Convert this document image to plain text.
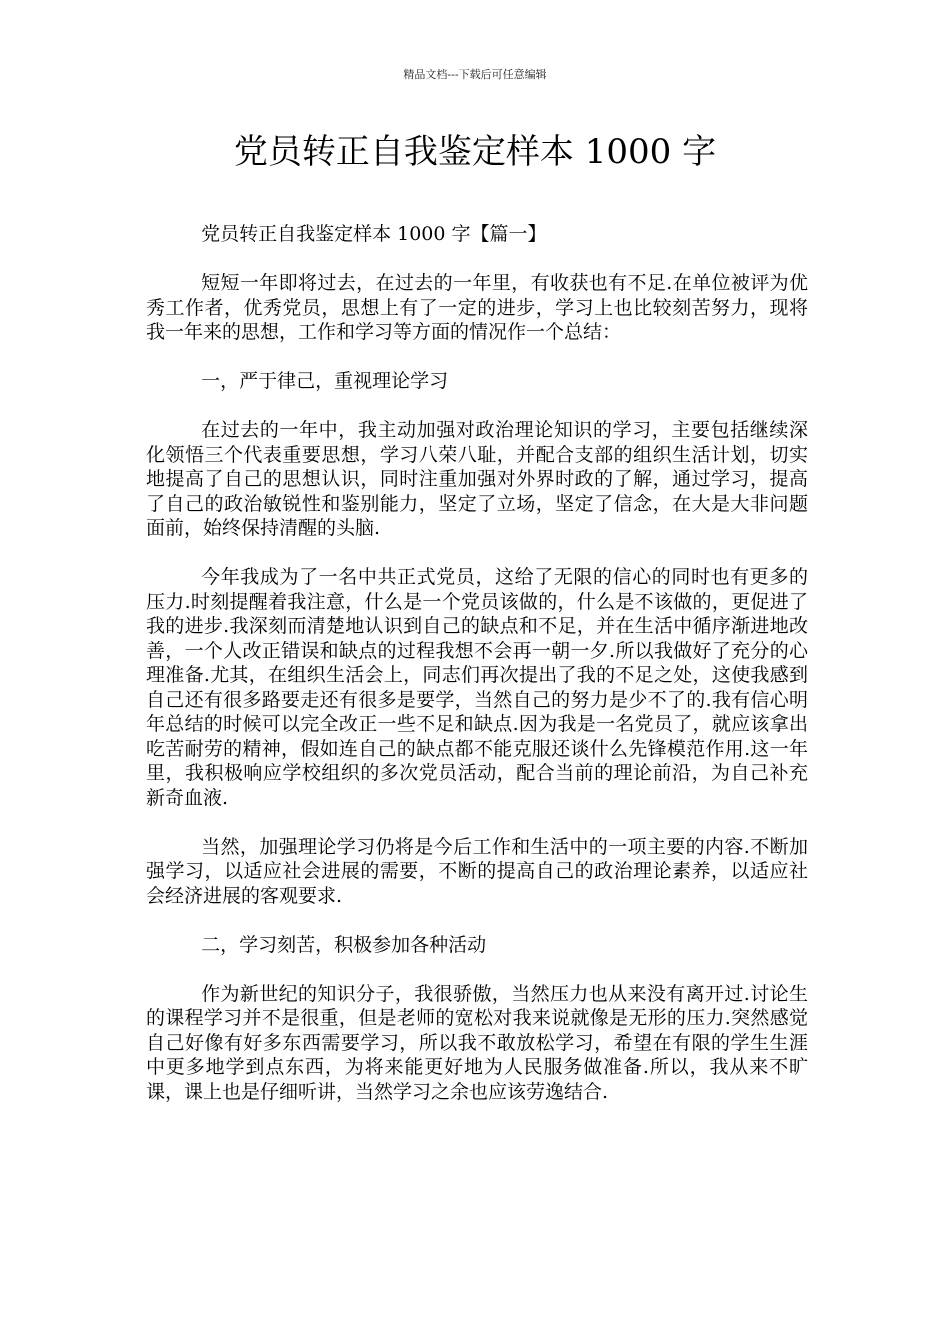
精品文档---下载后可任意编辑
党员转正自我鉴定样本 1000 字

党员转正自我鉴定样本 1000 字【篇一】

短短一年即将过去，在过去的一年里，有收获也有不足.在单位被评为优秀工作者，优秀党员，思想上有了一定的进步，学习上也比较刻苦努力，现将我一年来的思想，工作和学习等方面的情况作一个总结：

一，严于律己，重视理论学习

在过去的一年中，我主动加强对政治理论知识的学习，主要包括继续深化领悟三个代表重要思想，学习八荣八耻，并配合支部的组织生活计划，切实地提高了自己的思想认识，同时注重加强对外界时政的了解，通过学习，提高了自己的政治敏锐性和鉴别能力，坚定了立场，坚定了信念，在大是大非问题面前，始终保持清醒的头脑.

今年我成为了一名中共正式党员，这给了无限的信心的同时也有更多的压力.时刻提醒着我注意，什么是一个党员该做的，什么是不该做的，更促进了我的进步.我深刻而清楚地认识到自己的缺点和不足，并在生活中循序渐进地改善，一个人改正错误和缺点的过程我想不会再一朝一夕.所以我做好了充分的心理准备.尤其，在组织生活会上，同志们再次提出了我的不足之处，这使我感到自己还有很多路要走还有很多是要学，当然自己的努力是少不了的.我有信心明年总结的时候可以完全改正一些不足和缺点.因为我是一名党员了，就应该拿出吃苦耐劳的精神，假如连自己的缺点都不能克服还谈什么先锋模范作用.这一年里，我积极响应学校组织的多次党员活动，配合当前的理论前沿，为自己补充新奇血液.

当然，加强理论学习仍将是今后工作和生活中的一项主要的内容.不断加强学习，以适应社会进展的需要，不断的提高自己的政治理论素养，以适应社会经济进展的客观要求.

二，学习刻苦，积极参加各种活动

作为新世纪的知识分子，我很骄傲，当然压力也从来没有离开过.讨论生的课程学习并不是很重，但是老师的宽松对我来说就像是无形的压力.突然感觉自己好像有好多东西需要学习，所以我不敢放松学习，希望在有限的学生生涯中更多地学到点东西，为将来能更好地为人民服务做准备.所以，我从来不旷课，课上也是仔细听讲，当然学习之余也应该劳逸结合.
